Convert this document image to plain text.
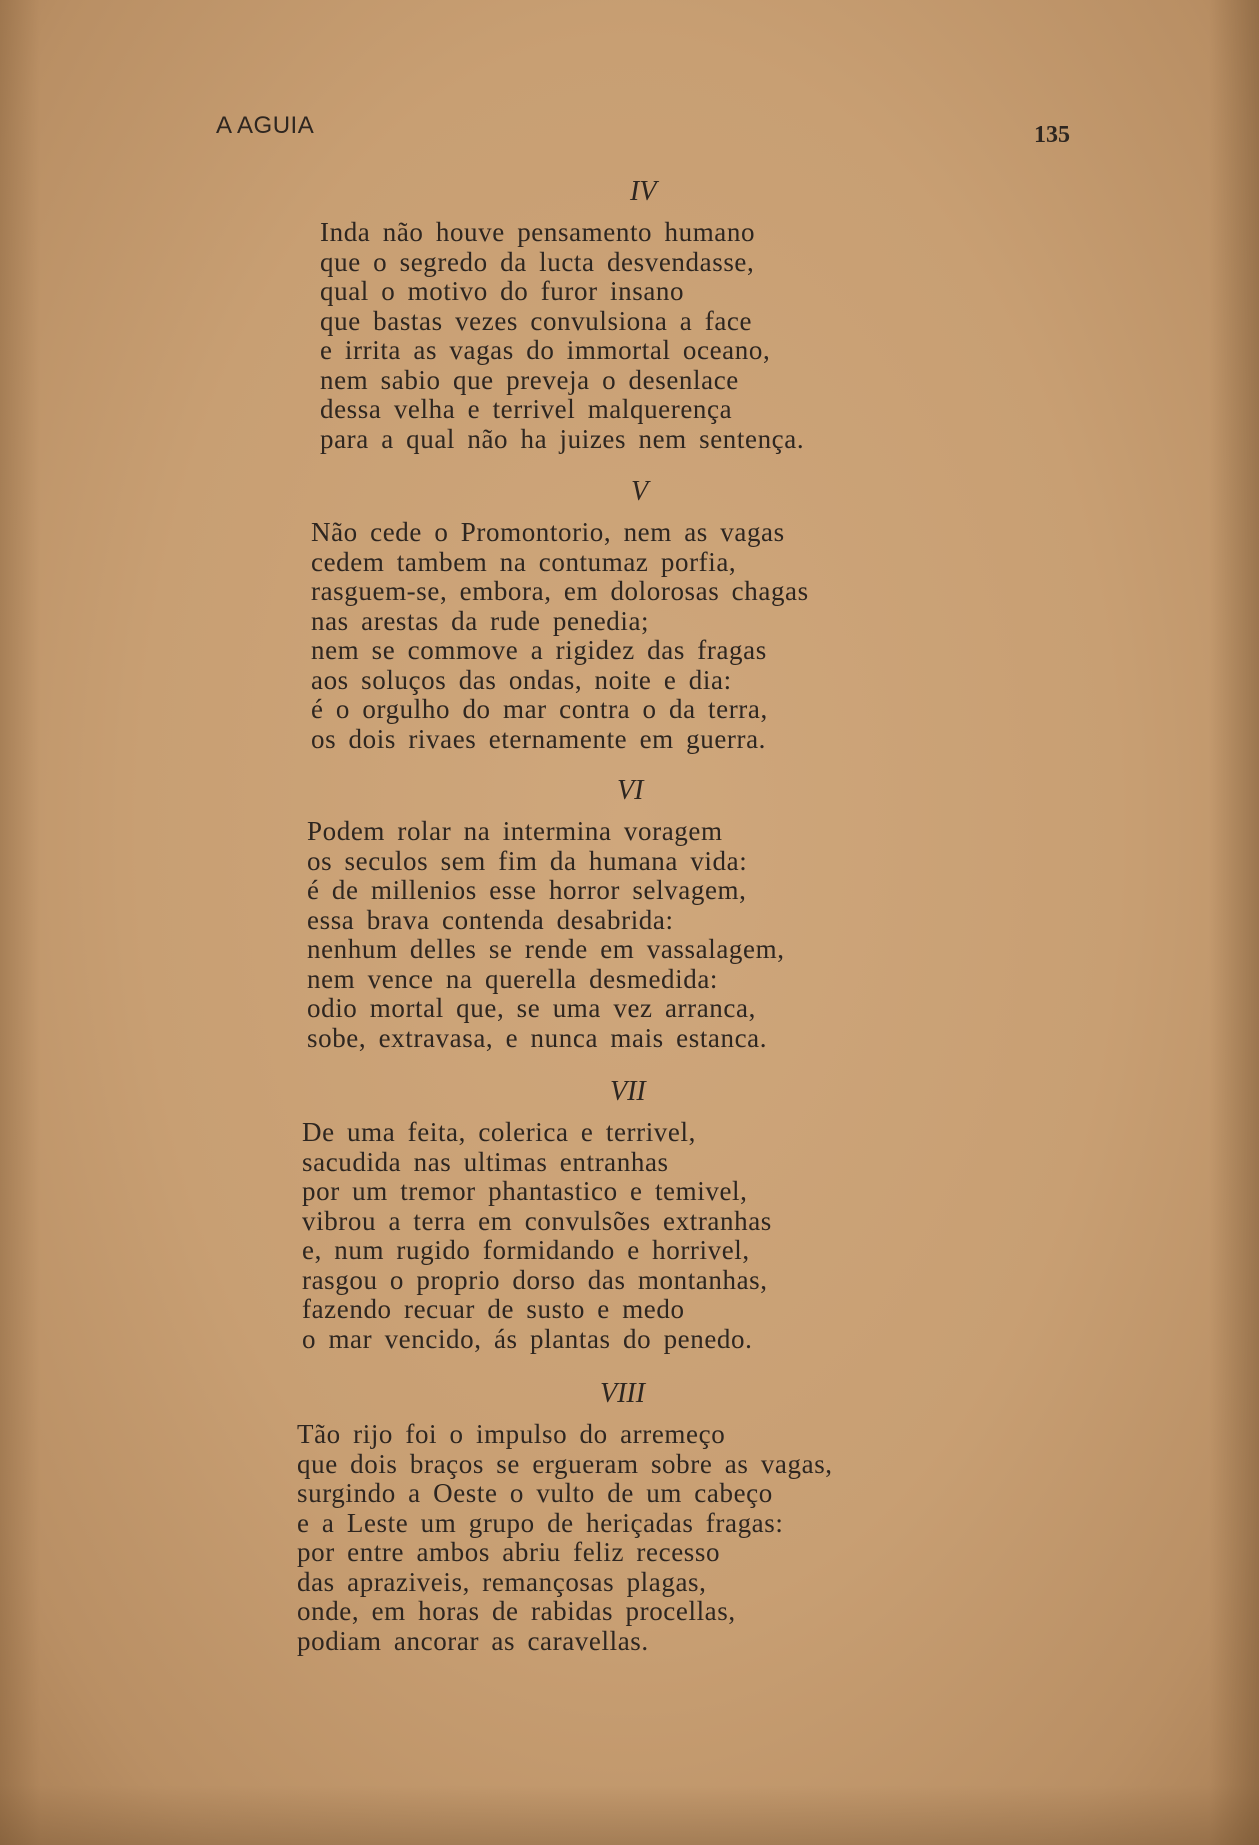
A AGUIA	135
IV
Inda não houve pensamento humano
que o segredo da lucta desvendasse,
qual o motivo do furor insano
que bastas vezes convulsiona a face
e irrita as vagas do immortal oceano,
nem sabio que preveja o desenlace
dessa velha e terrivel malquerença
para a qual não ha juizes nem sentença.
V
Não cede o Promontorio, nem as vagas
cedem tambem na contumaz porfia,
rasguem-se, embora, em dolorosas chagas
nas arestas da rude penedia;
nem se commove a rigidez das fragas
aos soluços das ondas, noite e dia:
é o orgulho do mar contra o da terra,
os dois rivaes eternamente em guerra.
VI
Podem rolar na intermina voragem
os seculos sem fim da humana vida:
é de millenios esse horror selvagem,
essa brava contenda desabrida:
nenhum delles se rende em vassalagem,
nem vence na querella desmedida:
odio mortal que, se uma vez arranca,
sobe, extravasa, e nunca mais estanca.
VII
De uma feita, colerica e terrivel,
sacudida nas ultimas entranhas
por um tremor phantastico e temivel,
vibrou a terra em convulsões extranhas
e, num rugido formidando e horrivel,
rasgou o proprio dorso das montanhas,
fazendo recuar de susto e medo
o mar vencido, ás plantas do penedo.
VIII
Tão rijo foi o impulso do arremeço
que dois braços se ergueram sobre as vagas,
surgindo a Oeste o vulto de um cabeço
e a Leste um grupo de heriçadas fragas:
por entre ambos abriu feliz recesso
das apraziveis, remançosas plagas,
onde, em horas de rabidas procellas,
podiam ancorar as caravellas.
